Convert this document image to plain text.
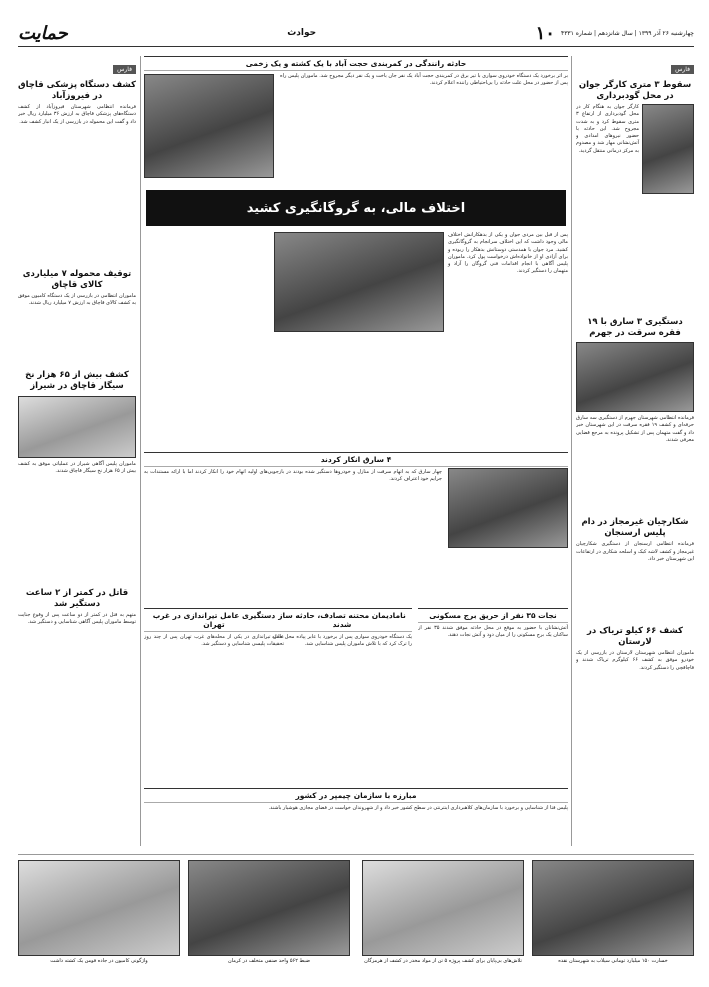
حمایت	حوادث	چهارشنبه ۲۶ آذر ۱۳۹۹ | سال شانزدهم | شماره ۴۳۳۱
۱۰
فارس
سقوط ۳ متری کارگر جوان در محل گودبرداری
کارگر جوان به هنگام کار در محل گودبرداری از ارتفاع ۳ متری سقوط کرد و به شدت مجروح شد. این حادثه با حضور نیروهای امدادی و آتش‌نشانی مهار شد و مصدوم به مرکز درمانی منتقل گردید.
دستگیری ۳ سارق با ۱۹ فقره سرقت در جهرم
فرمانده انتظامی شهرستان جهرم از دستگیری سه سارق حرفه‌ای و کشف ۱۹ فقره سرقت در این شهرستان خبر داد و گفت متهمان پس از تشکیل پرونده به مرجع قضایی معرفی شدند.
شکارچیان غیرمجاز در دام پلیس ارسنجان
فرمانده انتظامی ارسنجان از دستگیری شکارچیان غیرمجاز و کشف لاشه کبک و اسلحه شکاری در ارتفاعات این شهرستان خبر داد.
کشف ۶۶ کیلو تریاک در لارستان
ماموران انتظامی شهرستان لارستان در بازرسی از یک خودرو موفق به کشف ۶۶ کیلوگرم تریاک شدند و قاچاقچی را دستگیر کردند.
فارس
کشف دستگاه پزشکی قاچاق در فیروزآباد
فرمانده انتظامی شهرستان فیروزآباد از کشف دستگاه‌های پزشکی قاچاق به ارزش ۳۶ میلیارد ریال خبر داد و گفت این محموله در بازرسی از یک انبار کشف شد.
توقیف محموله ۷ میلیاردی کالای قاچاق
ماموران انتظامی در بازرسی از یک دستگاه کامیون موفق به کشف کالای قاچاق به ارزش ۷ میلیارد ریال شدند.
کشف بیش از ۶۵ هزار نخ سیگار قاچاق در شیراز
ماموران پلیس آگاهی شیراز در عملیاتی موفق به کشف بیش از ۶۵ هزار نخ سیگار قاچاق شدند.
قاتل در کمتر از ۲ ساعت دستگیر شد
متهم به قتل در کمتر از دو ساعت پس از وقوع جنایت توسط ماموران پلیس آگاهی شناسایی و دستگیر شد.
حادثه رانندگی در کمربندی حجت آباد با یک کشته و یک زخمی
بر اثر برخورد یک دستگاه خودروی سواری با تیر برق در کمربندی حجت آباد یک نفر جان باخت و یک نفر دیگر مجروح شد. ماموران پلیس راه پس از حضور در محل علت حادثه را بی‌احتیاطی راننده اعلام کردند.
اختلاف مالی، به گروگانگیری کشید
پس از قبل بین مردی جوان و یکی از بدهکارانش اختلاف مالی وجود داشت که این اختلاف سرانجام به گروگانگیری کشید. مرد جوان با همدستی دوستانش بدهکار را ربوده و برای آزادی او از خانواده‌اش درخواست پول کرد. ماموران پلیس آگاهی با انجام اقدامات فنی گروگان را آزاد و متهمان را دستگیر کردند.
۴ سارق انکار کردند
چهار سارق که به اتهام سرقت از منازل و خودروها دستگیر شده بودند در بازجویی‌های اولیه اتهام خود را انکار کردند اما با ارائه مستندات به جرایم خود اعتراف کردند.
نجات ۳۵ نفر از حریق برج مسکونی
آتش‌نشانان با حضور به موقع در محل حادثه موفق شدند ۳۵ نفر از ساکنان یک برج مسکونی را از میان دود و آتش نجات دهند.
نامادیمان محتنه تصادف، حادثه ساز شدند
یک دستگاه خودروی سواری پس از برخورد با عابر پیاده محل حادثه را ترک کرد که با تلاش ماموران پلیس شناسایی شد.
دستگیری عامل تیراندازی در غرب تهران
عامل تیراندازی در یکی از محله‌های غرب تهران پس از چند روز تحقیقات پلیسی شناسایی و دستگیر شد.
مبارزه با سازمان چیمپر در کشور
پلیس فتا از شناسایی و برخورد با سازمان‌های کلاهبرداری اینترنتی در سطح کشور خبر داد و از شهروندان خواست در فضای مجازی هوشیار باشند.
خسارت ۱۵۰ میلیارد تومانی سیلاب به شهرستان نقده
تلاش‌های بی‌پایان برای کشف پروژه ۵ تن از مواد مخدر در کشف از هرمزگان
ضبط ۵۶۲ واحد صنفی متخلف در کرمان
واژگونی کامیون در جاده فومن یک کشته داشت
